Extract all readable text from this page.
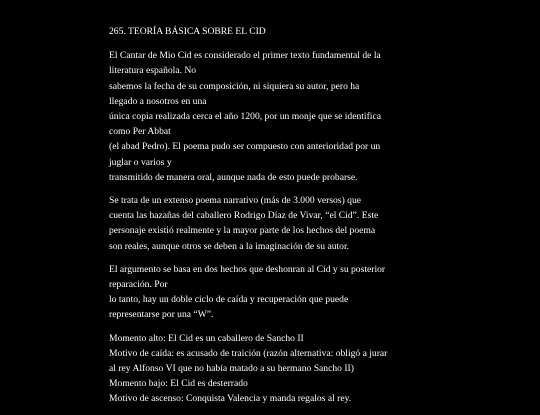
265. TEORÍA BÁSICA SOBRE EL CID
El Cantar de Mio Cid es considerado el primer texto fundamental de la
literatura española. No
sabemos la fecha de su composición, ni siquiera su autor, pero ha
llegado a nosotros en una
única copia realizada cerca el año 1200, por un monje que se identifica
como Per Abbat
(el abad Pedro). El poema pudo ser compuesto con anterioridad por un
juglar o varios y
transmitido de manera oral, aunque nada de esto puede probarse.
Se trata de un extenso poema narrativo (más de 3.000 versos) que
cuenta las hazañas del caballero Rodrigo Díaz de Vivar, “el Cid”. Este
personaje existió realmente y la mayor parte de los hechos del poema
son reales, aunque otros se deben a la imaginación de su autor.
El argumento se basa en dos hechos que deshonran al Cid y su posterior
reparación. Por
lo tanto, hay un doble ciclo de caída y recuperación que puede
representarse por una “W”.
Momento alto: El Cid es un caballero de Sancho II
Motivo de caída: es acusado de traición (razón alternativa: obligó a jurar
al rey Alfonso VI que no había matado a su hermano Sancho II)
Momento bajo: El Cid es desterrado
Motivo de ascenso: Conquista Valencia y manda regalos al rey.
